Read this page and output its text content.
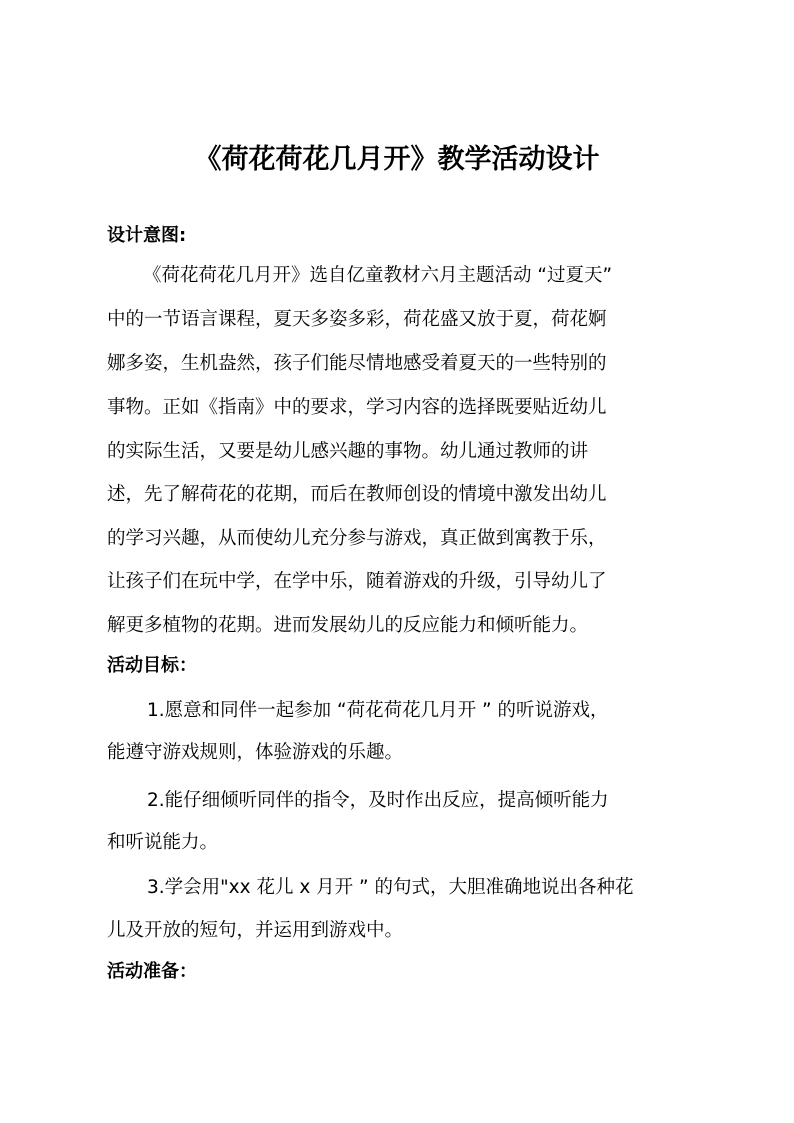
《荷花荷花几月开》教学活动设计
设计意图:
《荷花荷花几月开》选自亿童教材六月主题活动 “过夏天”
中的一节语言课程，夏天多姿多彩，荷花盛又放于夏，荷花婀
娜多姿，生机盎然，孩子们能尽情地感受着夏天的一些特别的
事物。正如《指南》中的要求，学习内容的选择既要贴近幼儿
的实际生活，又要是幼儿感兴趣的事物。幼儿通过教师的讲
述，先了解荷花的花期，而后在教师创设的情境中激发出幼儿
的学习兴趣，从而使幼儿充分参与游戏，真正做到寓教于乐，
让孩子们在玩中学，在学中乐，随着游戏的升级，引导幼儿了
解更多植物的花期。进而发展幼儿的反应能力和倾听能力。
活动目标：
1.愿意和同伴一起参加 “荷花荷花几月开 ” 的听说游戏，
能遵守游戏规则，体验游戏的乐趣。
2.能仔细倾听同伴的指令，及时作出反应，提高倾听能力
和听说能力。
3.学会用"xx 花儿 x 月开 ” 的句式，大胆准确地说出各种花
儿及开放的短句，并运用到游戏中。
活动准备：
